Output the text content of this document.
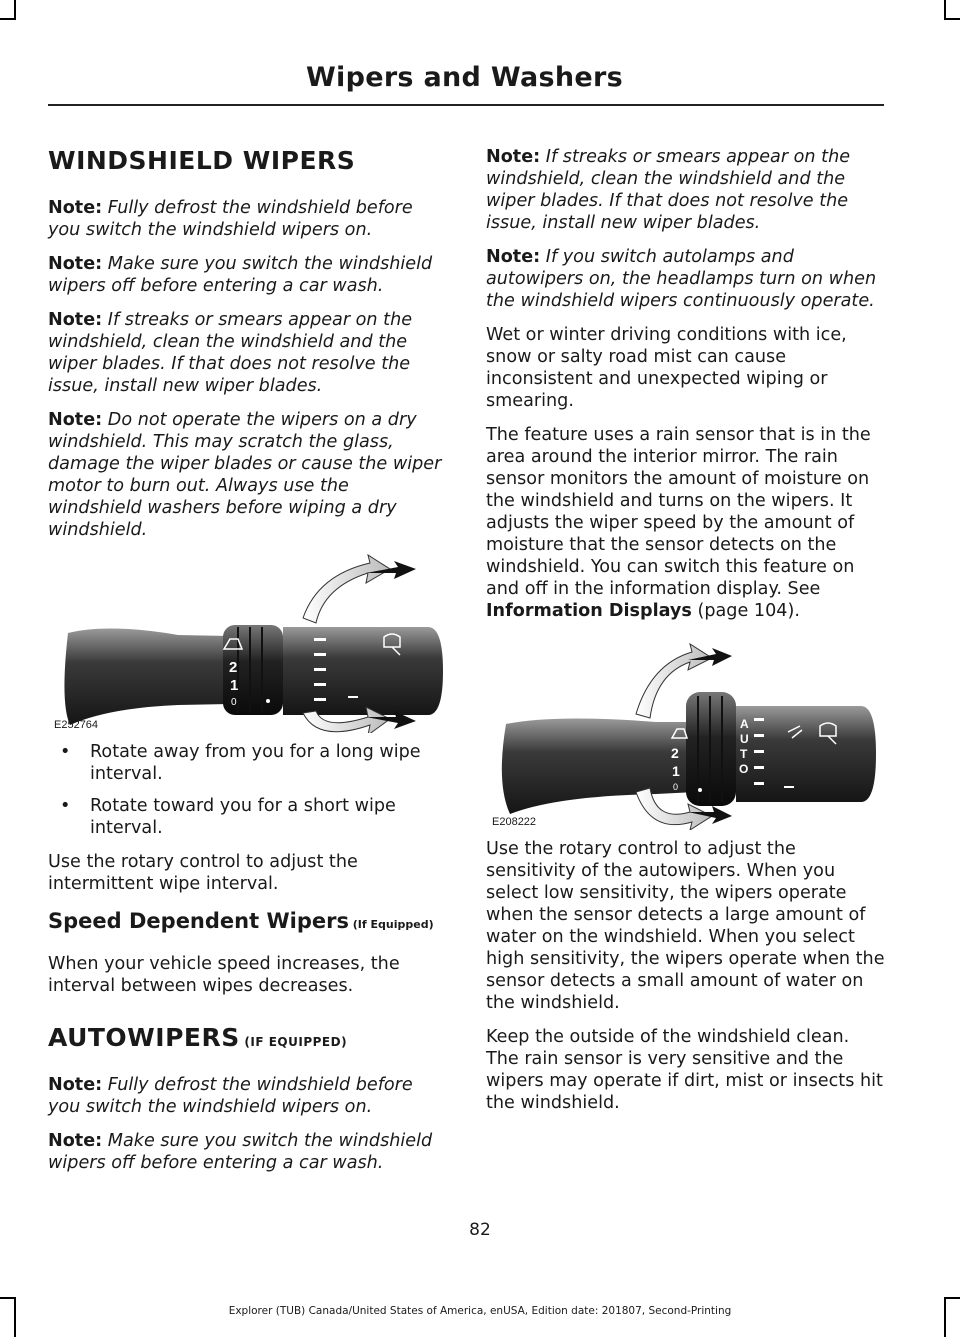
Wipers and Washers
WINDSHIELD WIPERS

Note: Fully defrost the windshield before you switch the windshield wipers on.

Note: Make sure you switch the windshield wipers off before entering a car wash.

Note: If streaks or smears appear on the windshield, clean the windshield and the wiper blades. If that does not resolve the issue, install new wiper blades.

Note: Do not operate the wipers on a dry windshield. This may scratch the glass, damage the wiper blades or cause the wiper motor to burn out. Always use the windshield washers before wiping a dry windshield.

2
1
0
E252764
• Rotate away from you for a long wipe interval.
• Rotate toward you for a short wipe interval.

Use the rotary control to adjust the intermittent wipe interval.

Speed Dependent Wipers (If Equipped)

When your vehicle speed increases, the interval between wipes decreases.

AUTOWIPERS (IF EQUIPPED)

Note: Fully defrost the windshield before you switch the windshield wipers on.

Note: Make sure you switch the windshield wipers off before entering a car wash.

Note: If streaks or smears appear on the windshield, clean the windshield and the wiper blades. If that does not resolve the issue, install new wiper blades.

Note: If you switch autolamps and autowipers on, the headlamps turn on when the windshield wipers continuously operate.

Wet or winter driving conditions with ice, snow or salty road mist can cause inconsistent and unexpected wiping or smearing.

The feature uses a rain sensor that is in the area around the interior mirror. The rain sensor monitors the amount of moisture on the windshield and turns on the wipers. It adjusts the wiper speed by the amount of moisture that the sensor detects on the windshield. You can switch this feature on and off in the information display. See Information Displays (page 104).

2
1
0
A
U
T
O
E208222

Use the rotary control to adjust the sensitivity of the autowipers. When you select low sensitivity, the wipers operate when the sensor detects a large amount of water on the windshield. When you select high sensitivity, the wipers operate when the sensor detects a small amount of water on the windshield.

Keep the outside of the windshield clean. The rain sensor is very sensitive and the wipers may operate if dirt, mist or insects hit the windshield.

82
Explorer (TUB) Canada/United States of America, enUSA, Edition date: 201807, Second-Printing
